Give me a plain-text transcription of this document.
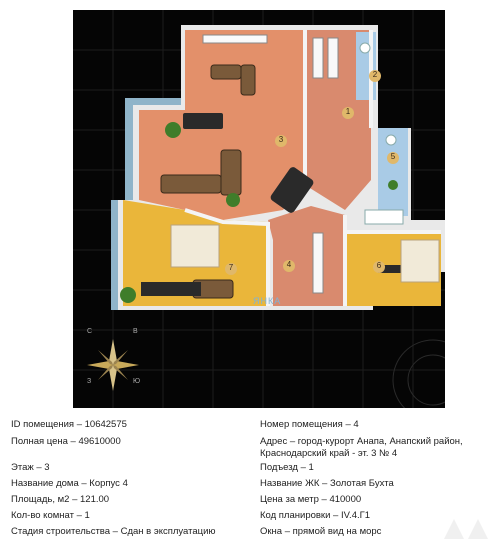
1
2
3
4
5
6
7
ЯНКА
С	В
Ю
З
ID помещения – 10642575
Полная цена – 49610000
Этаж – 3
Название дома – Корпус 4
Площадь, м2 – 121.00
Кол-во комнат – 1
Стадия строительства – Сдан в эксплуатацию
Номер помещения – 4
Адрес – город-курорт Анапа, Анапский район, Краснодарский край - эт. 3 № 4
Подъезд – 1
Название ЖК – Золотая Бухта
Цена за метр – 410000
Код планировки – IV.4.Г1
Окна – прямой вид на морс
